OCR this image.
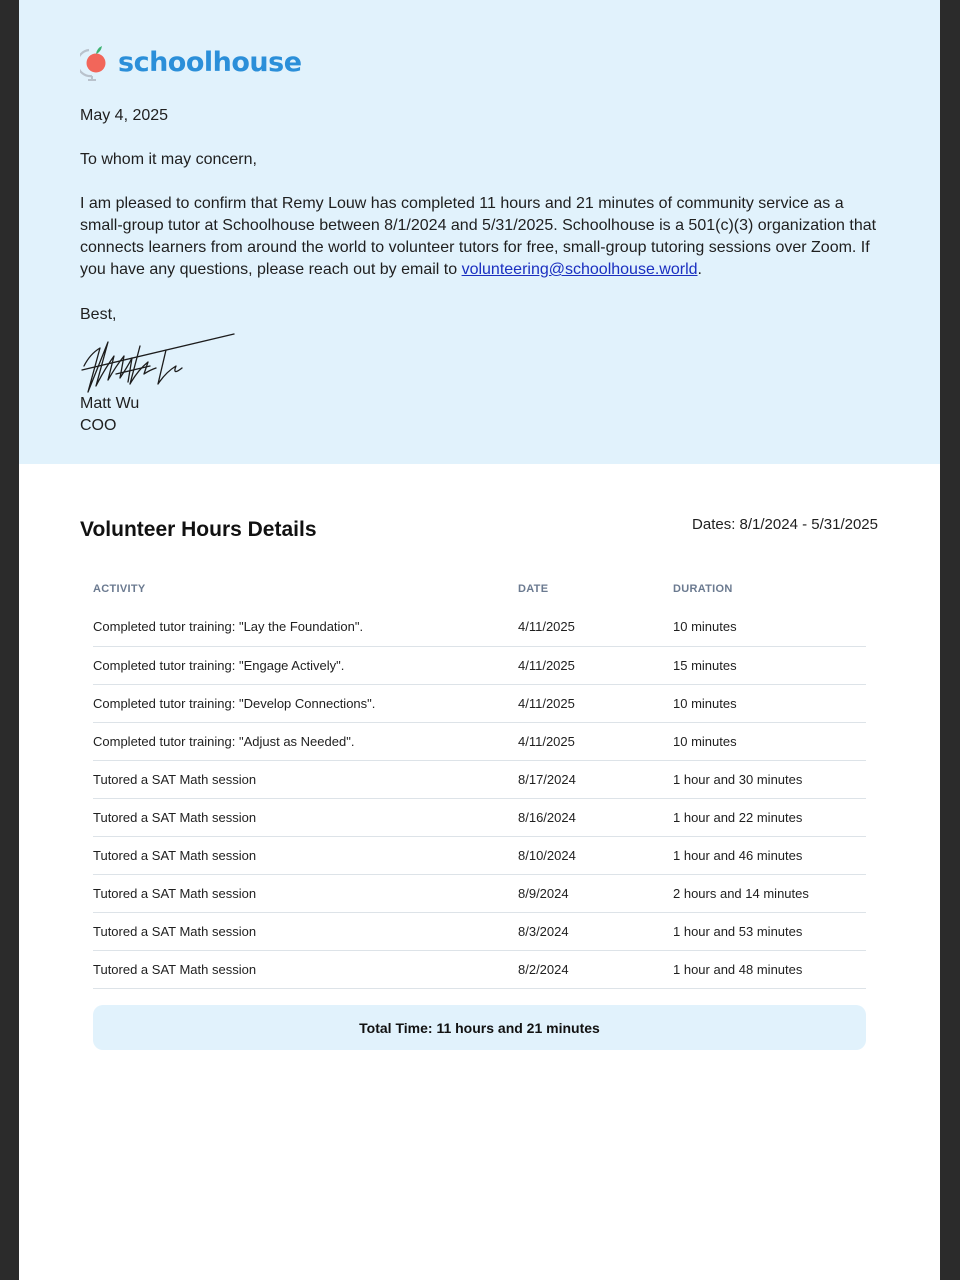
schoolhouse
May 4, 2025
To whom it may concern,
I am pleased to confirm that Remy Louw has completed 11 hours and 21 minutes of community service as a small-group tutor at Schoolhouse between 8/1/2024 and 5/31/2025. Schoolhouse is a 501(c)(3) organization that connects learners from around the world to volunteer tutors for free, small-group tutoring sessions over Zoom. If you have any questions, please reach out by email to volunteering@schoolhouse.world.
Best,
Matt Wu
COO
Volunteer Hours Details	Dates: 8/1/2024 - 5/31/2025
ACTIVITY	DATE	DURATION
Completed tutor training: "Lay the Foundation".	4/11/2025	10 minutes
Completed tutor training: "Engage Actively".	4/11/2025	15 minutes
Completed tutor training: "Develop Connections".	4/11/2025	10 minutes
Completed tutor training: "Adjust as Needed".	4/11/2025	10 minutes
Tutored a SAT Math session	8/17/2024	1 hour and 30 minutes
Tutored a SAT Math session	8/16/2024	1 hour and 22 minutes
Tutored a SAT Math session	8/10/2024	1 hour and 46 minutes
Tutored a SAT Math session	8/9/2024	2 hours and 14 minutes
Tutored a SAT Math session	8/3/2024	1 hour and 53 minutes
Tutored a SAT Math session	8/2/2024	1 hour and 48 minutes
Total Time: 11 hours and 21 minutes
